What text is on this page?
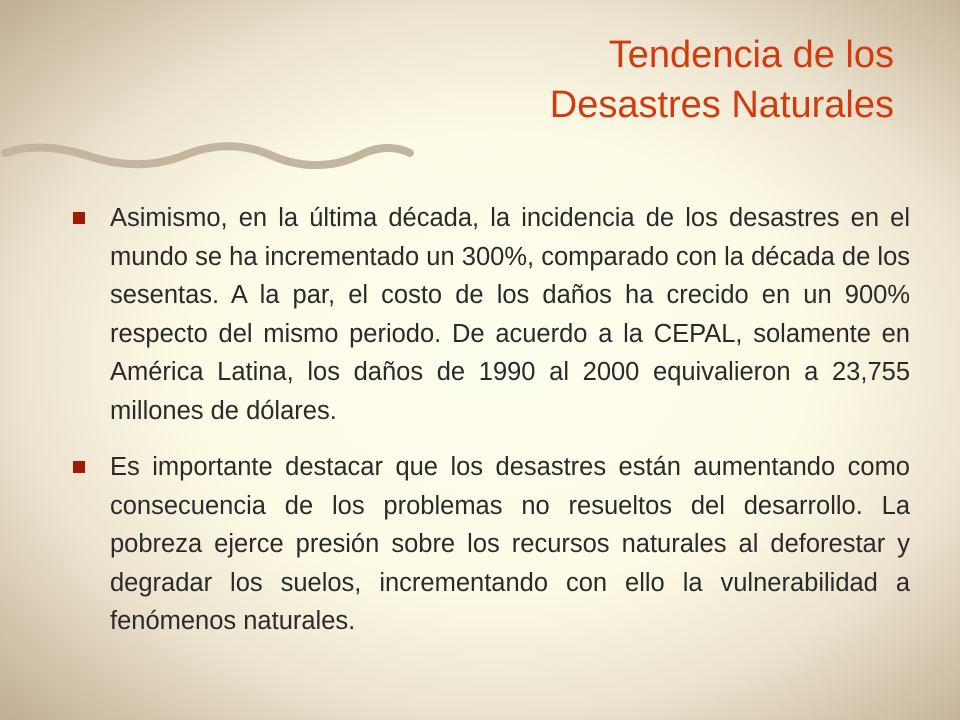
Tendencia de los
Desastres Naturales
Asimismo, en la última década, la incidencia de los desastres en el mundo se ha incrementado un 300%, comparado con la década de los sesentas. A la par, el costo de los daños ha crecido en un 900% respecto del mismo periodo. De acuerdo a la CEPAL, solamente en América Latina, los daños de 1990 al 2000 equivalieron a 23,755 millones de dólares.
Es importante destacar que los desastres están aumentando como consecuencia de los problemas no resueltos del desarrollo. La pobreza ejerce presión sobre los recursos naturales al deforestar y degradar los suelos, incrementando con ello la vulnerabilidad a fenómenos naturales.
